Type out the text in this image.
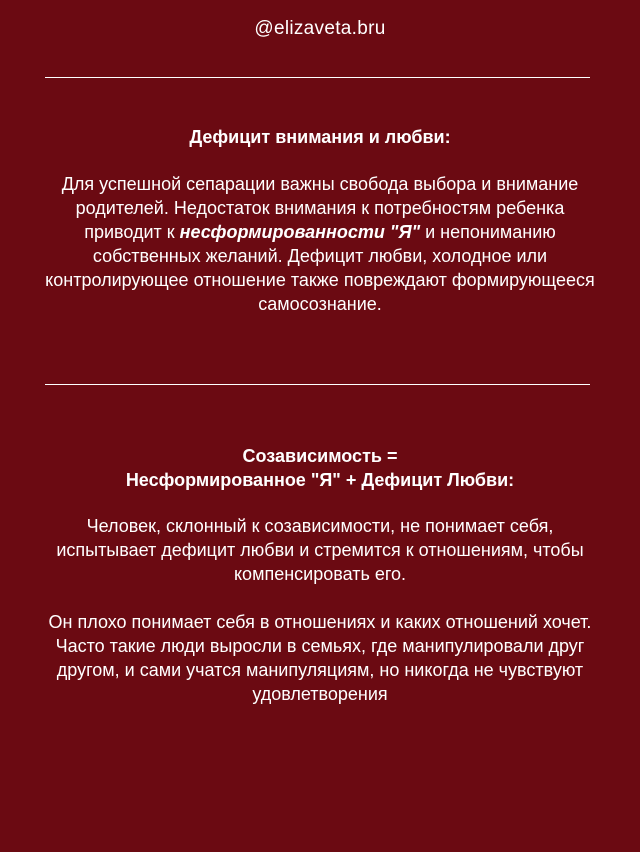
@elizaveta.bru
Дефицит внимания и любви:
Для успешной сепарации важны свобода выбора и внимание родителей. Недостаток внимания к потребностям ребенка приводит к несформированности "Я" и непониманию собственных желаний. Дефицит любви, холодное или контролирующее отношение также повреждают формирующееся самосознание.
Созависимость =
Несформированное "Я" + Дефицит Любви:
Человек, склонный к созависимости, не понимает себя, испытывает дефицит любви и стремится к отношениям, чтобы компенсировать его.
Он плохо понимает себя в отношениях и каких отношений хочет. Часто такие люди выросли в семьях, где манипулировали друг другом, и сами учатся манипуляциям, но никогда не чувствуют удовлетворения
